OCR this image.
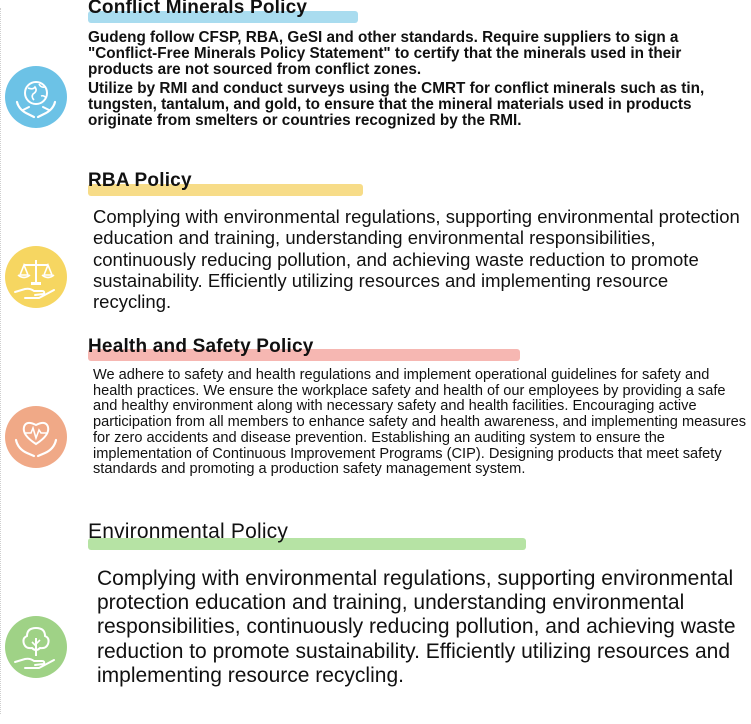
Conflict Minerals Policy

Gudeng follow CFSP, RBA, GeSI and other standards. Require suppliers to sign a "Conflict-Free Minerals Policy Statement" to certify that the minerals used in their products are not sourced from conflict zones.

Utilize by RMI and conduct surveys using the CMRT for conflict minerals such as tin, tungsten, tantalum, and gold, to ensure that the mineral materials used in products originate from smelters or countries recognized by the RMI.

RBA Policy

Complying with environmental regulations, supporting environmental protection education and training, understanding environmental responsibilities, continuously reducing pollution, and achieving waste reduction to promote sustainability. Efficiently utilizing resources and implementing resource recycling.

Health and Safety Policy

We adhere to safety and health regulations and implement operational guidelines for safety and health practices. We ensure the workplace safety and health of our employees by providing a safe and healthy environment along with necessary safety and health facilities. Encouraging active participation from all members to enhance safety and health awareness, and implementing measures for zero accidents and disease prevention. Establishing an auditing system to ensure the implementation of Continuous Improvement Programs (CIP). Designing products that meet safety standards and promoting a production safety management system.

Environmental Policy

Complying with environmental regulations, supporting environmental protection education and training, understanding environmental responsibilities, continuously reducing pollution, and achieving waste reduction to promote sustainability. Efficiently utilizing resources and implementing resource recycling.
